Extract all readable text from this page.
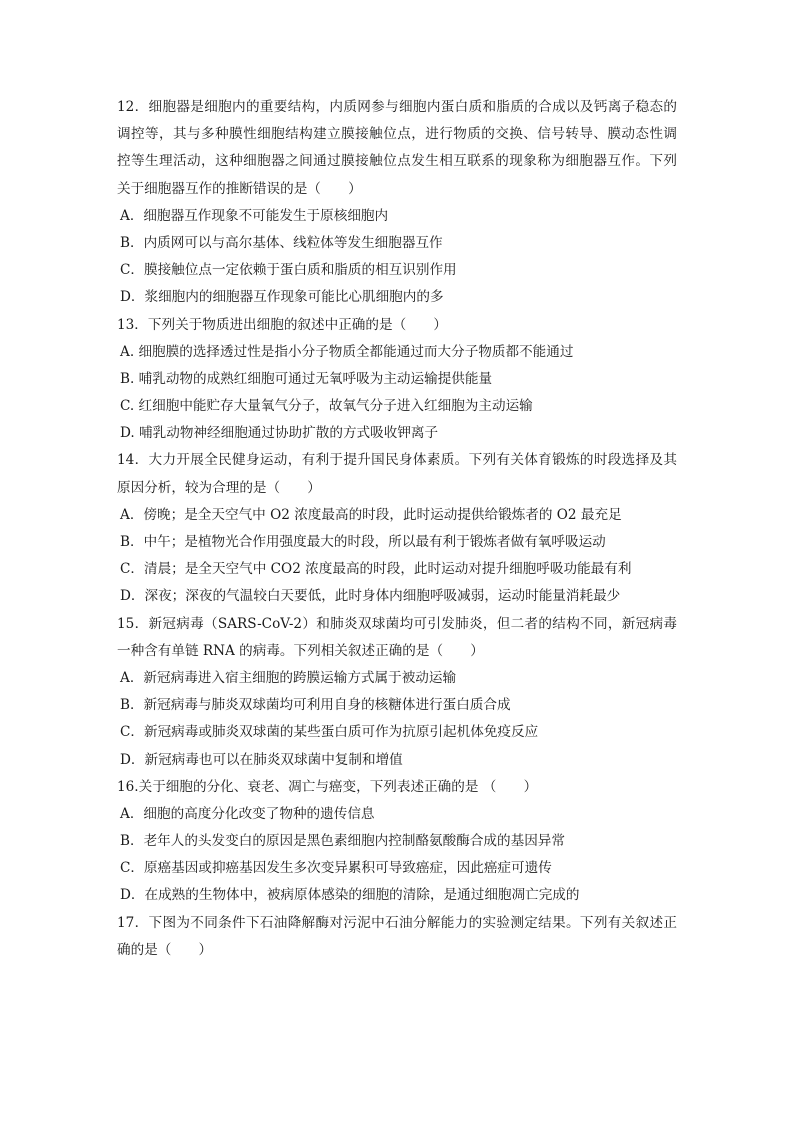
12．细胞器是细胞内的重要结构，内质网参与细胞内蛋白质和脂质的合成以及钙离子稳态的
调控等，其与多种膜性细胞结构建立膜接触位点，进行物质的交换、信号转导、膜动态性调
控等生理活动，这种细胞器之间通过膜接触位点发生相互联系的现象称为细胞器互作。下列
关于细胞器互作的推断错误的是（　　）
A．细胞器互作现象不可能发生于原核细胞内
B．内质网可以与高尔基体、线粒体等发生细胞器互作
C．膜接触位点一定依赖于蛋白质和脂质的相互识别作用
D．浆细胞内的细胞器互作现象可能比心肌细胞内的多
13．下列关于物质进出细胞的叙述中正确的是（　　）
A. 细胞膜的选择透过性是指小分子物质全都能通过而大分子物质都不能通过
B. 哺乳动物的成熟红细胞可通过无氧呼吸为主动运输提供能量
C. 红细胞中能贮存大量氧气分子，故氧气分子进入红细胞为主动运输
D. 哺乳动物神经细胞通过协助扩散的方式吸收钾离子
14．大力开展全民健身运动，有利于提升国民身体素质。下列有关体育锻炼的时段选择及其
原因分析，较为合理的是（　　）
A．傍晚；是全天空气中 O2 浓度最高的时段，此时运动提供给锻炼者的 O2 最充足
B．中午；是植物光合作用强度最大的时段，所以最有利于锻炼者做有氧呼吸运动
C．清晨；是全天空气中 CO2 浓度最高的时段，此时运动对提升细胞呼吸功能最有利
D．深夜；深夜的气温较白天要低，此时身体内细胞呼吸减弱，运动时能量消耗最少
15．新冠病毒（SARS-CoV-2）和肺炎双球菌均可引发肺炎，但二者的结构不同，新冠病毒
一种含有单链 RNA 的病毒。下列相关叙述正确的是（　　）
A．新冠病毒进入宿主细胞的跨膜运输方式属于被动运输
B．新冠病毒与肺炎双球菌均可利用自身的核糖体进行蛋白质合成
C．新冠病毒或肺炎双球菌的某些蛋白质可作为抗原引起机体免疫反应
D．新冠病毒也可以在肺炎双球菌中复制和增值
16.关于细胞的分化、衰老、凋亡与癌变，下列表述正确的是 （　　）
A．细胞的高度分化改变了物种的遗传信息
B．老年人的头发变白的原因是黑色素细胞内控制酪氨酸酶合成的基因异常
C．原癌基因或抑癌基因发生多次变异累积可导致癌症，因此癌症可遗传
D．在成熟的生物体中，被病原体感染的细胞的清除，是通过细胞凋亡完成的
17．下图为不同条件下石油降解酶对污泥中石油分解能力的实验测定结果。下列有关叙述正
确的是（　　）
